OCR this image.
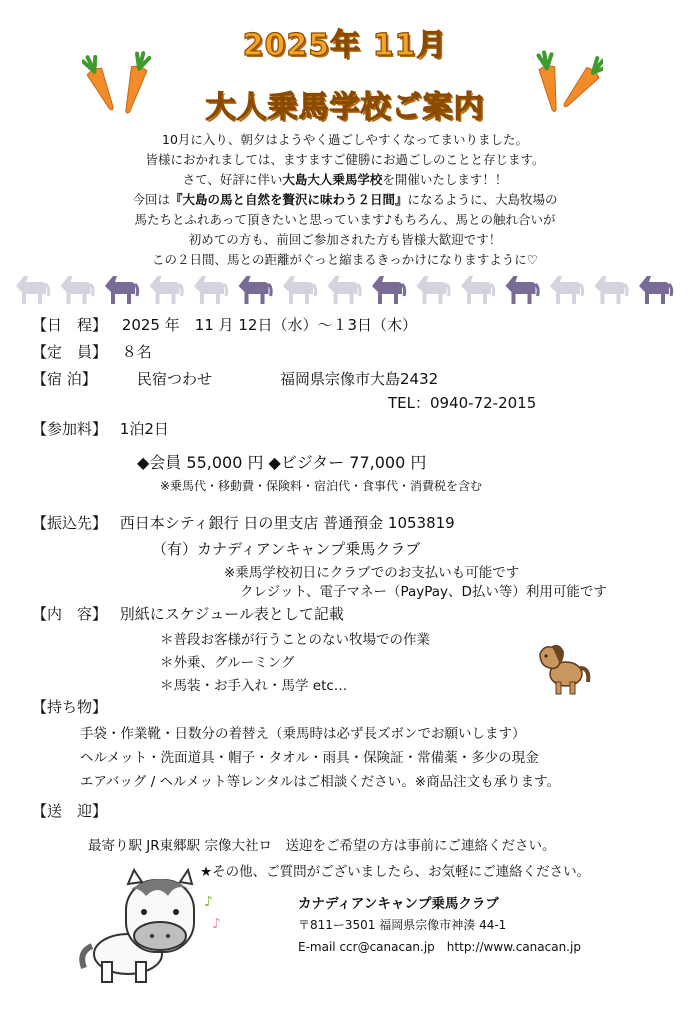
2025年 11月
大人乗馬学校ご案内
10月に入り、朝夕はようやく過ごしやすくなってまいりました。
皆様におかれましては、ますますご健勝にお過ごしのことと存じます。
さて、好評に伴い大島大人乗馬学校を開催いたします！！
今回は『大島の馬と自然を贅沢に味わう２日間』になるように、大島牧場の
馬たちとふれあって頂きたいと思っています♪もちろん、馬との触れ合いが
初めての方も、前回ご参加された方も皆様大歓迎です！
この２日間、馬との距離がぐっと縮まるきっかけになりますように♡
【日　程】 2025 年　11 月 12日（水）～１3日（木）
【定　員】 ８名
【宿 泊】	民宿つわせ	福岡県宗像市大島2432
TEL：0940-72-2015
【参加料】 1泊2日
◆会員 55,000 円 ◆ビジター 77,000 円
※乗馬代・移動費・保険料・宿泊代・食事代・消費税を含む
【振込先】 西日本シティ銀行 日の里支店 普通預金 1053819
（有）カナディアンキャンプ乗馬クラブ
※乗馬学校初日にクラブでのお支払いも可能です
クレジット、電子マネー（PayPay、D払い等）利用可能です
【内　容】 別紙にスケジュール表として記載
＊普段お客様が行うことのない牧場での作業
＊外乗、グルーミング
＊馬装・お手入れ・馬学 etc…
【持ち物】
手袋・作業靴・日数分の着替え（乗馬時は必ず長ズボンでお願いします）
ヘルメット・洗面道具・帽子・タオル・雨具・保険証・常備薬・多少の現金
エアバッグ / ヘルメット等レンタルはご相談ください。※商品注文も承ります。
【送　迎】
最寄り駅 JR東郷駅 宗像大社ロ　送迎をご希望の方は事前にご連絡ください。
★その他、ご質問がございましたら、お気軽にご連絡ください。
♪
♪
カナディアンキャンプ乗馬クラブ
〒811ー3501 福岡県宗像市神湊 44-1
E-mail ccr@canacan.jp　http://www.canacan.jp
